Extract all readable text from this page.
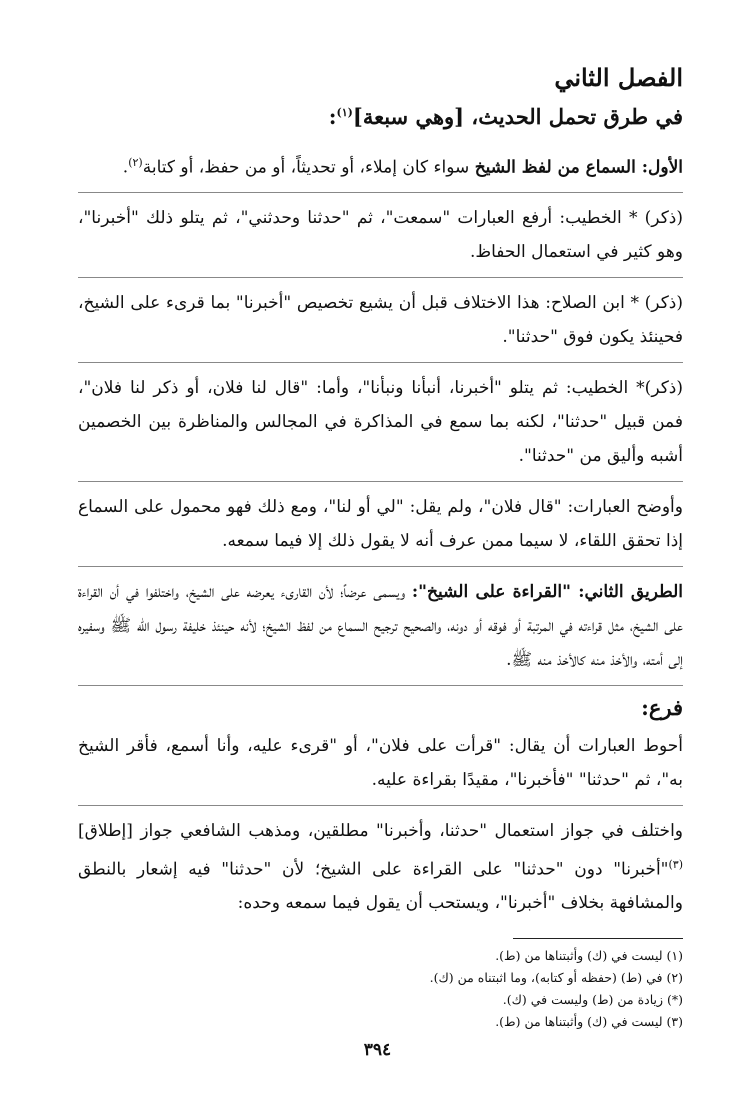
الفصل الثاني
في طرق تحمل الحديث، [وهي سبعة]$^{(١)}$:

الأول: السماع من لفظ الشيخ سواء كان إملاء، أو تحديثاً، أو من حفظ، أو كتابة$^{(٢)}$.

(ذكر) * الخطيب: أرفع العبارات "سمعت"، ثم "حدثنا وحدثني"، ثم يتلو ذلك "أخبرنا"، وهو كثير في استعمال الحفاظ.

(ذكر) * ابن الصلاح: هذا الاختلاف قبل أن يشيع تخصيص "أخبرنا" بما قرىء على الشيخ، فحينئذ يكون فوق "حدثنا".

(ذكر)* الخطيب: ثم يتلو "أخبرنا، أنبأنا ونبأنا"، وأما: "قال لنا فلان، أو ذكر لنا فلان"، فمن قبيل "حدثنا"، لكنه بما سمع في المذاكرة في المجالس والمناظرة بين الخصمين أشبه وأليق من "حدثنا".

وأوضح العبارات: "قال فلان"، ولم يقل: "لي أو لنا"، ومع ذلك فهو محمول على السماع إذا تحقق اللقاء، لا سيما ممن عرف أنه لا يقول ذلك إلا فيما سمعه.

الطريق الثاني: "القراءة على الشيخ": ويسمى عرضاً؛ لأن القارىء يعرضه على الشيخ، واختلفوا في أن القراءة على الشيخ، مثل قراءته في المرتبة أو فوقه أو دونه، والصحيح ترجيح السماع من لفظ الشيخ؛ لأنه حينئذ خليفة رسول الله ﷺ وسفيره إلى أمته، والأخذ منه كالأخذ منه ﷺ.

فرع:

أحوط العبارات أن يقال: "قرأت على فلان"، أو "قرىء عليه، وأنا أسمع، فأقر الشيخ به"، ثم "حدثنا" "فأخبرنا"، مقيدًا بقراءة عليه.

واختلف في جواز استعمال "حدثنا، وأخبرنا" مطلقين، ومذهب الشافعي جواز [إطلاق] $^{(٣)}$"أخبرنا" دون "حدثنا" على القراءة على الشيخ؛ لأن "حدثنا" فيه إشعار بالنطق والمشافهة بخلاف "أخبرنا"، ويستحب أن يقول فيما سمعه وحده:

(١) ليست في (ك) وأثبتناها من (ط).
(٢) في (ط) (حفظه أو كتابه)، وما اثبتناه من (ك).
(*) زيادة من (ط) وليست في (ك).
(٣) ليست في (ك) وأثبتناها من (ط).
٣٩٤
